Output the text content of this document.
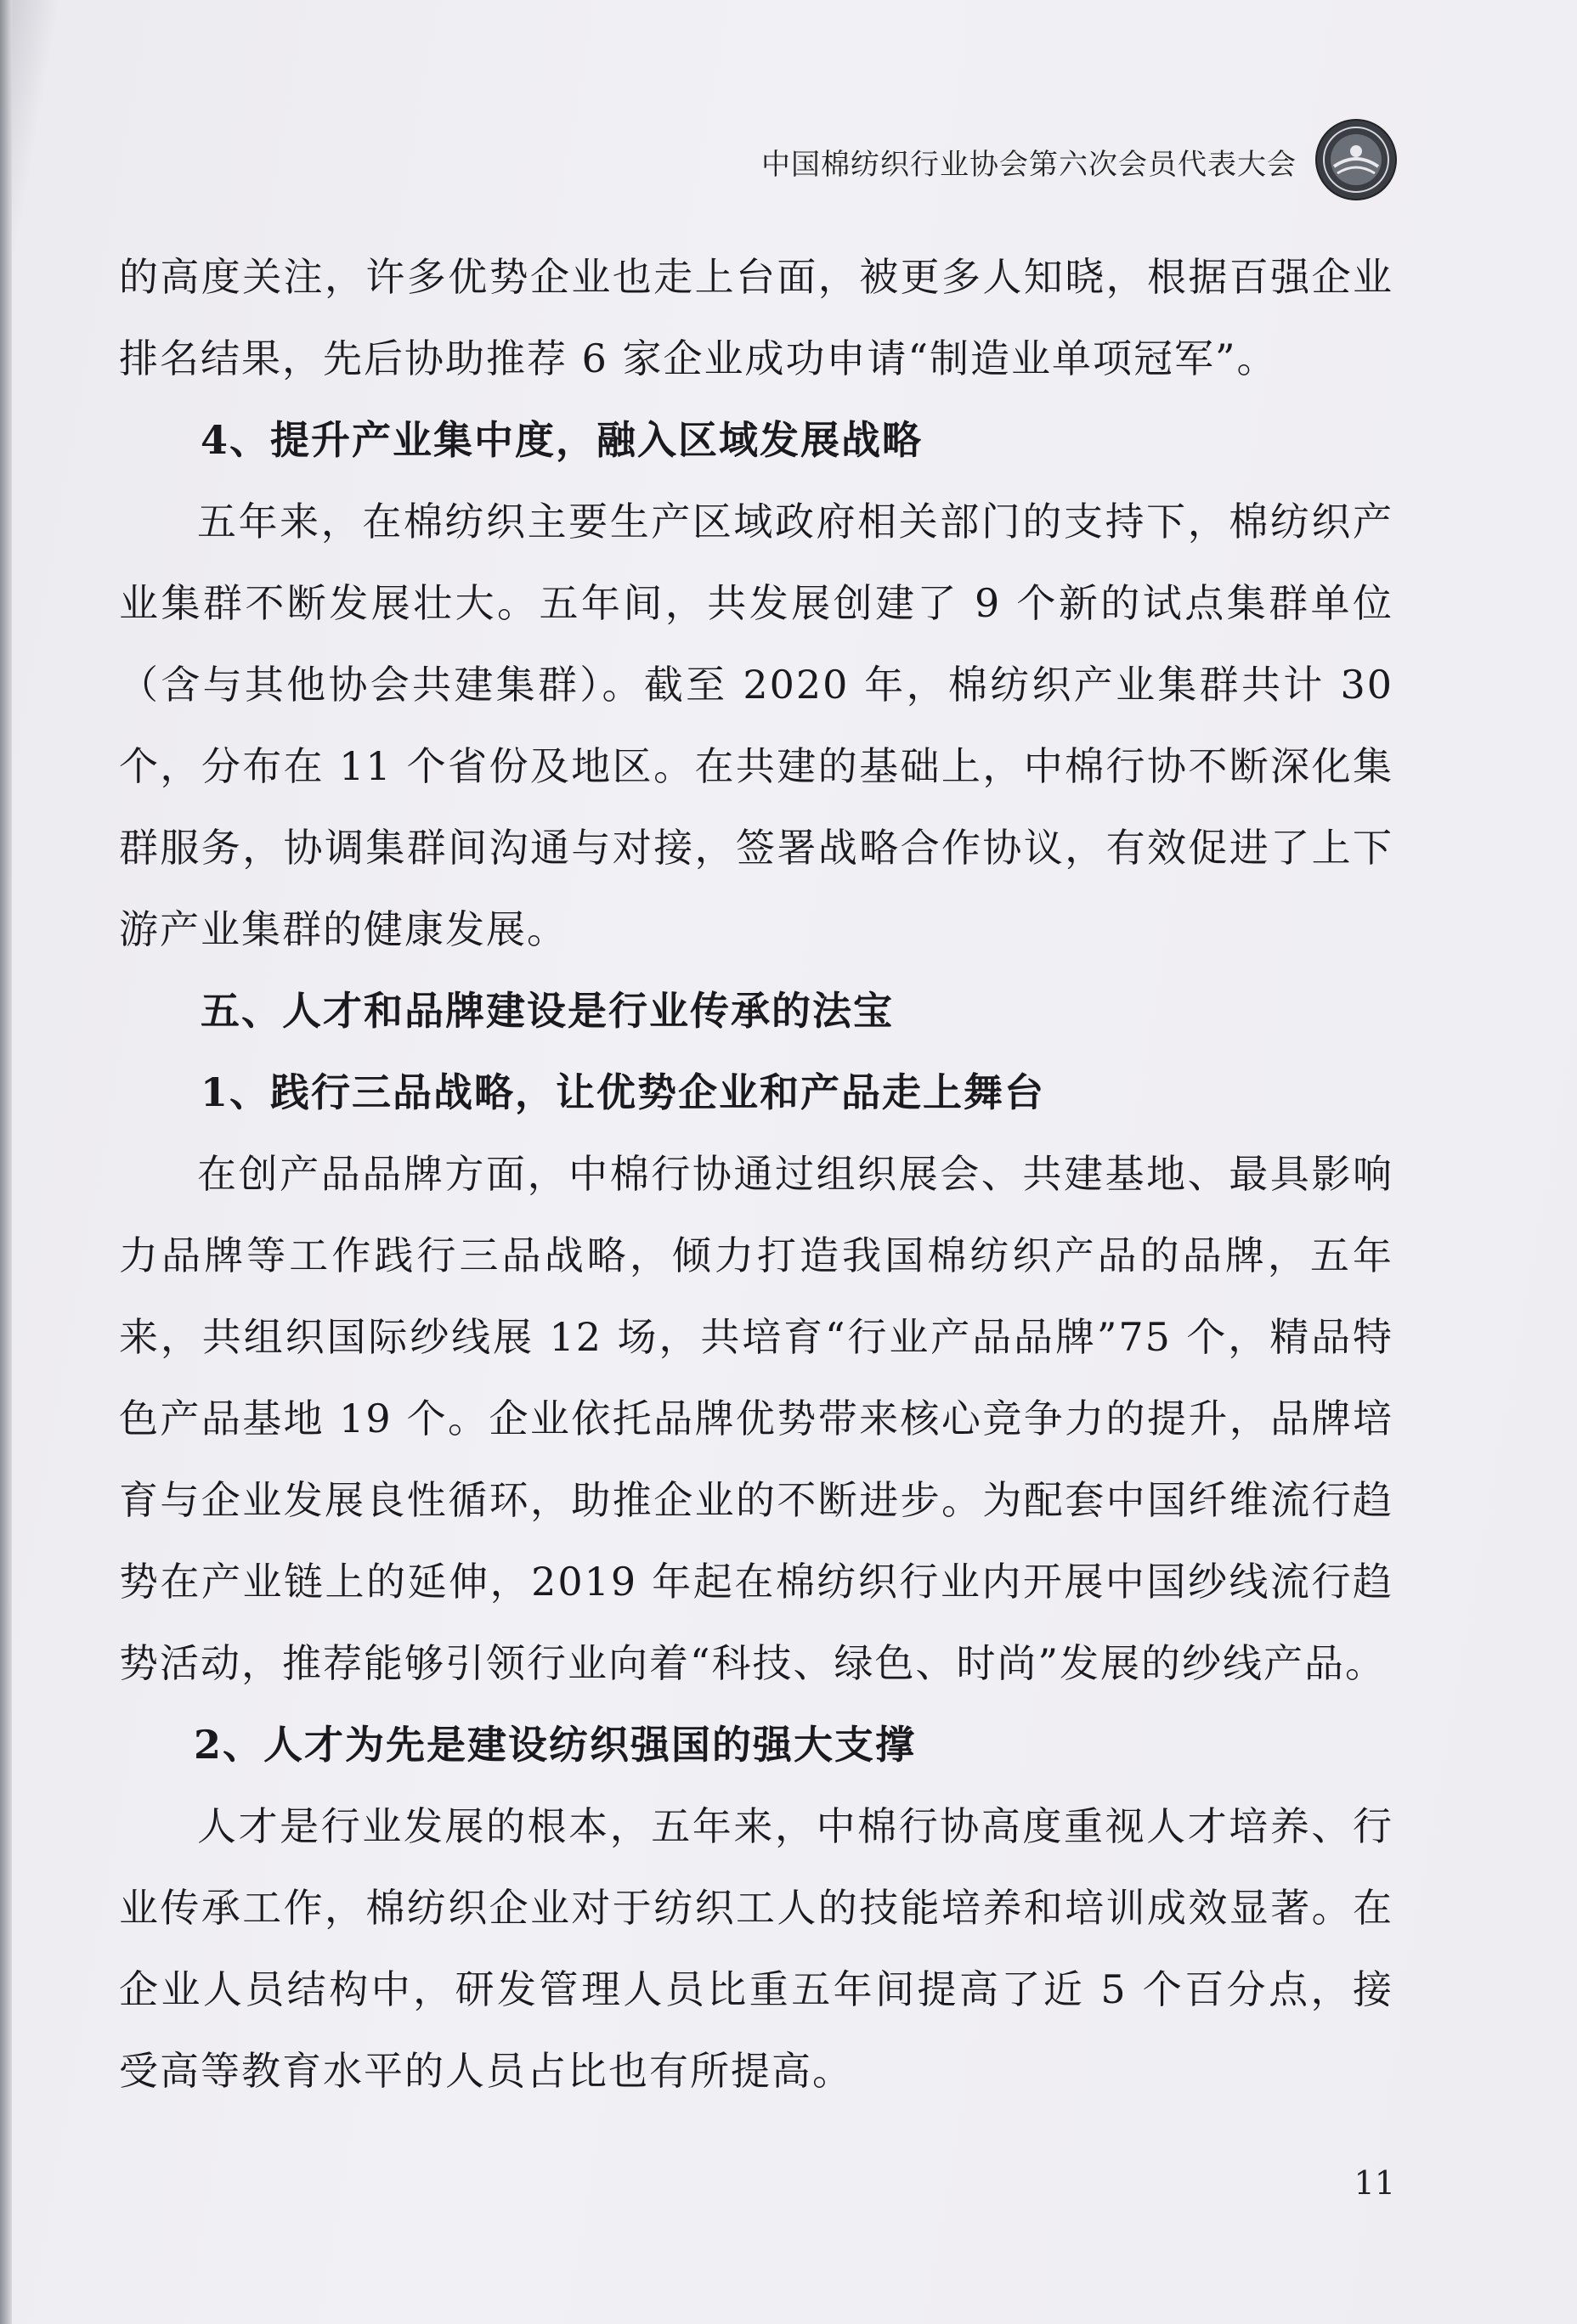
中国棉纺织行业协会第六次会员代表大会

的高度关注，许多优势企业也走上台面，被更多人知晓，根据百强企业排名结果，先后协助推荐 6 家企业成功申请“制造业单项冠军”。

4、提升产业集中度，融入区域发展战略

五年来，在棉纺织主要生产区域政府相关部门的支持下，棉纺织产业集群不断发展壮大。五年间，共发展创建了 9 个新的试点集群单位（含与其他协会共建集群）。截至 2020 年，棉纺织产业集群共计 30 个，分布在 11 个省份及地区。在共建的基础上，中棉行协不断深化集群服务，协调集群间沟通与对接，签署战略合作协议，有效促进了上下游产业集群的健康发展。

五、人才和品牌建设是行业传承的法宝

1、践行三品战略，让优势企业和产品走上舞台

在创产品品牌方面，中棉行协通过组织展会、共建基地、最具影响力品牌等工作践行三品战略，倾力打造我国棉纺织产品的品牌，五年来，共组织国际纱线展 12 场，共培育“行业产品品牌”75 个，精品特色产品基地 19 个。企业依托品牌优势带来核心竞争力的提升，品牌培育与企业发展良性循环，助推企业的不断进步。为配套中国纤维流行趋势在产业链上的延伸，2019 年起在棉纺织行业内开展中国纱线流行趋势活动，推荐能够引领行业向着“科技、绿色、时尚”发展的纱线产品。

2、人才为先是建设纺织强国的强大支撑

人才是行业发展的根本，五年来，中棉行协高度重视人才培养、行业传承工作，棉纺织企业对于纺织工人的技能培养和培训成效显著。在企业人员结构中，研发管理人员比重五年间提高了近 5 个百分点，接受高等教育水平的人员占比也有所提高。

11
